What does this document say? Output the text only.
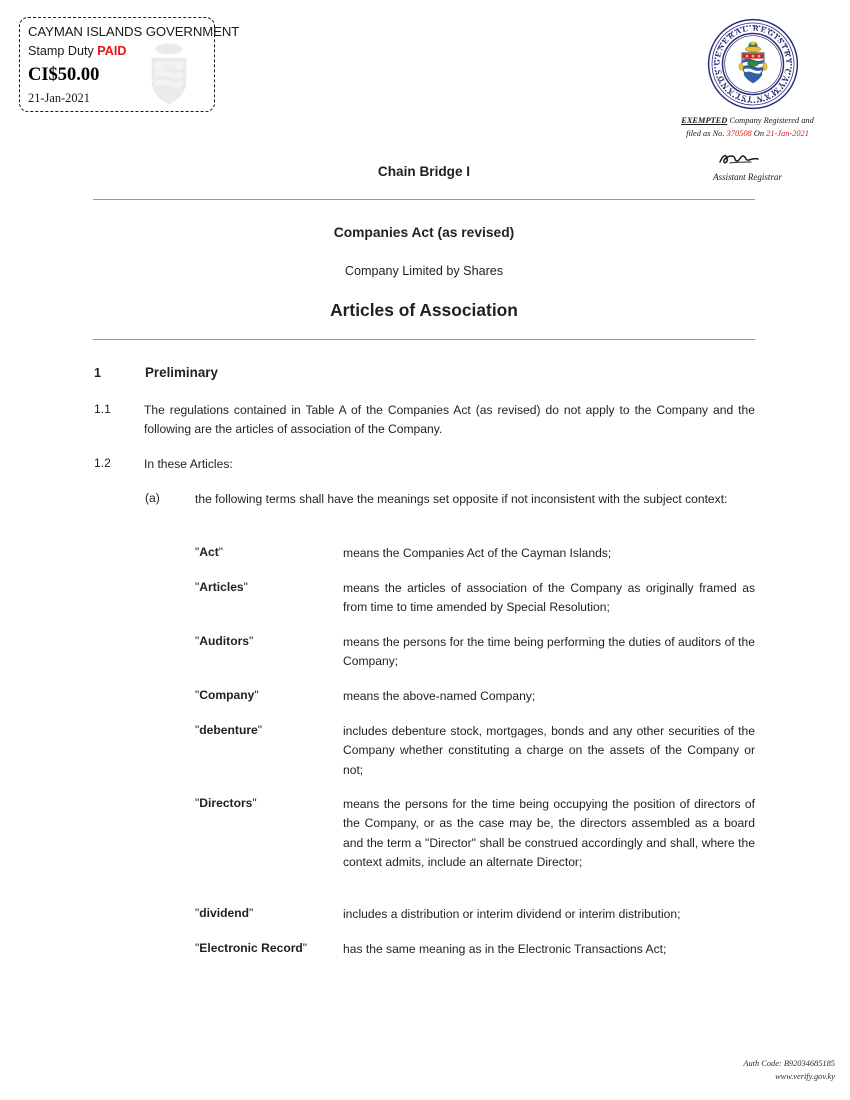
CAYMAN ISLANDS GOVERNMENT
Stamp Duty PAID
CI$50.00
21-Jan-2021
GENERAL REGISTRY
CAYMAN ISLANDS
EXEMPTED Company Registered and
filed as No. 370508 On 21-Jan-2021
Assistant Registrar
Chain Bridge I
Companies Act (as revised)
Company Limited by Shares
Articles of Association
1	Preliminary
1.1	The regulations contained in Table A of the Companies Act (as revised) do not apply to the Company and the following are the articles of association of the Company.
1.2	In these Articles:
(a)	the following terms shall have the meanings set opposite if not inconsistent with the subject context:
"Act"	means the Companies Act of the Cayman Islands;
"Articles"	means the articles of association of the Company as originally framed as from time to time amended by Special Resolution;
"Auditors"	means the persons for the time being performing the duties of auditors of the Company;
"Company"	means the above-named Company;
"debenture"	includes debenture stock, mortgages, bonds and any other securities of the Company whether constituting a charge on the assets of the Company or not;
"Directors"	means the persons for the time being occupying the position of directors of the Company, or as the case may be, the directors assembled as a board and the term a "Director" shall be construed accordingly and shall, where the context admits, include an alternate Director;
"dividend"	includes a distribution or interim dividend or interim distribution;
"Electronic Record"	has the same meaning as in the Electronic Transactions Act;
Auth Code: B92034685185
www.verify.gov.ky
